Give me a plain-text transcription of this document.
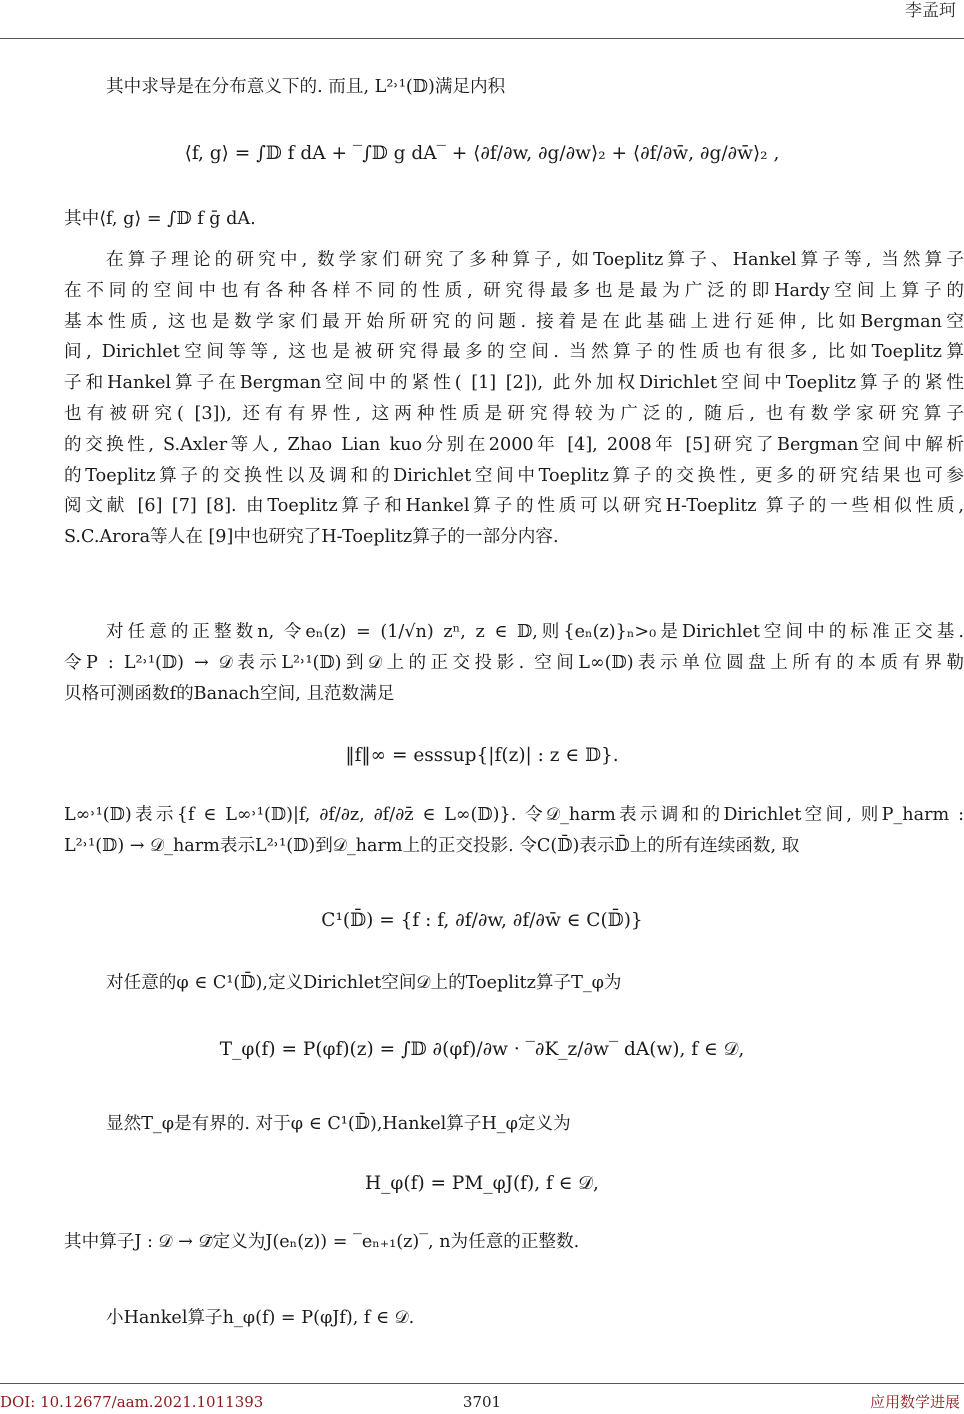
李孟珂
其中求导是在分布意义下的. 而且, L²˒¹(𝔻)满足内积
⟨f, g⟩ = ∫𝔻 f dA + ‾∫𝔻 g dA‾ + ⟨∂f/∂w, ∂g/∂w⟩₂ + ⟨∂f/∂w̄, ∂g/∂w̄⟩₂ ,
其中⟨f, g⟩ = ∫𝔻 f ḡ dA.
在算子理论的研究中, 数学家们研究了多种算子, 如Toeplitz算子、Hankel算子等, 当然算子
在不同的空间中也有各种各样不同的性质, 研究得最多也是最为广泛的即Hardy空间上算子的
基本性质, 这也是数学家们最开始所研究的问题. 接着是在此基础上进行延伸, 比如Bergman空
间, Dirichlet空间等等, 这也是被研究得最多的空间. 当然算子的性质也有很多, 比如Toeplitz算
子和Hankel算子在Bergman空间中的紧性( [1] [2]), 此外加权Dirichlet空间中Toeplitz算子的紧性
也有被研究( [3]), 还有有界性, 这两种性质是研究得较为广泛的, 随后, 也有数学家研究算子
的交换性, S.Axler等人, Zhao Lian kuo分别在2000年 [4], 2008年 [5]研究了Bergman空间中解析
的Toeplitz算子的交换性以及调和的Dirichlet空间中Toeplitz算子的交换性, 更多的研究结果也可参
阅文献 [6] [7] [8]. 由Toeplitz算子和Hankel算子的性质可以研究H-Toeplitz 算子的一些相似性质,
S.C.Arora等人在 [9]中也研究了H-Toeplitz算子的一部分内容.
对任意的正整数n, 令eₙ(z) = (1/√n) zⁿ, z ∈ 𝔻,则{eₙ(z)}ₙ>₀是Dirichlet空间中的标准正交基.
令P : L²˒¹(𝔻) → 𝒟表示L²˒¹(𝔻)到𝒟上的正交投影. 空间L∞(𝔻)表示单位圆盘上所有的本质有界勒
贝格可测函数f的Banach空间, 且范数满足
‖f‖∞ = esssup{|f(z)| : z ∈ 𝔻}.
L∞˒¹(𝔻)表示{f ∈ L∞˒¹(𝔻)|f, ∂f/∂z, ∂f/∂z̄ ∈ L∞(𝔻)}. 令𝒟_harm表示调和的Dirichlet空间, 则P_harm :
L²˒¹(𝔻) → 𝒟_harm表示L²˒¹(𝔻)到𝒟_harm上的正交投影. 令C(𝔻̄)表示𝔻̄上的所有连续函数, 取
C¹(𝔻̄) = {f : f, ∂f/∂w, ∂f/∂w̄ ∈ C(𝔻̄)}
对任意的φ ∈ C¹(𝔻̄),定义Dirichlet空间𝒟上的Toeplitz算子T_φ为
T_φ(f) = P(φf)(z) = ∫𝔻 ∂(φf)/∂w · ‾∂K_z/∂w‾ dA(w), f ∈ 𝒟,
显然T_φ是有界的. 对于φ ∈ C¹(𝔻̄),Hankel算子H_φ定义为
H_φ(f) = PM_φJ(f), f ∈ 𝒟,
其中算子J : 𝒟 → 𝒟̄定义为J(eₙ(z)) = ‾eₙ₊₁(z)‾, n为任意的正整数.
小Hankel算子h_φ(f) = P(φJf), f ∈ 𝒟.
DOI: 10.12677/aam.2021.1011393	3701	应用数学进展
